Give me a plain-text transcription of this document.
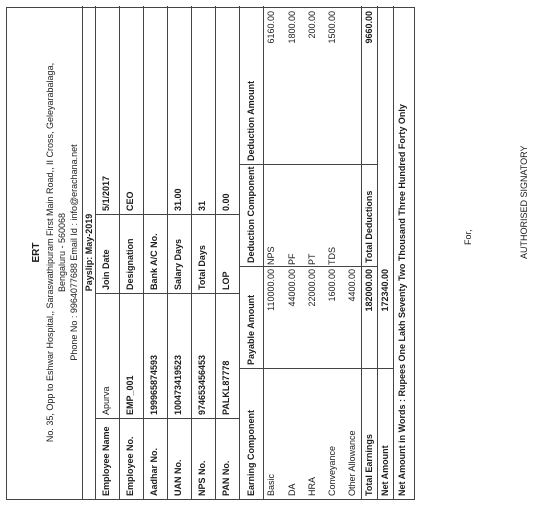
ERT No. 35, Opp to Eshwar Hospital,, Saraswathipuram First Main Road,, II Cross, Geleyarabalaga, Bengaluru - 560068 Phone No : 9964077688 Email Id : info@erachana.net Payslip: May-2019
Employee Name
Apurva
Join Date
5/1/2017
Employee No.
EMP_001
Designation
CEO
Aadhar No.
199965874593
Bank A/C No.
UAN No.
100473419523
Salary Days
31.00
NPS No.
974653456453
Total Days
31
PAN No.
PALKL87778
LOP
0.00
Earning Component
Payable Amount
Deduction Component
Deduction Amount
Basic
110000.00
NPS
6160.00
DA
44000.00
PF
1800.00
HRA
22000.00
PT
200.00
Conveyance
1600.00
TDS
1500.00
Other Allowance
4400.00
Total Earnings
182000.00
Total Deductions
9660.00
Net Amount
172340.00 Net Amount in Words : Rupees One Lakh Seventy Two Thousand Three Hundred Forty Only	For,	AUTHORISED SIGNATORY
